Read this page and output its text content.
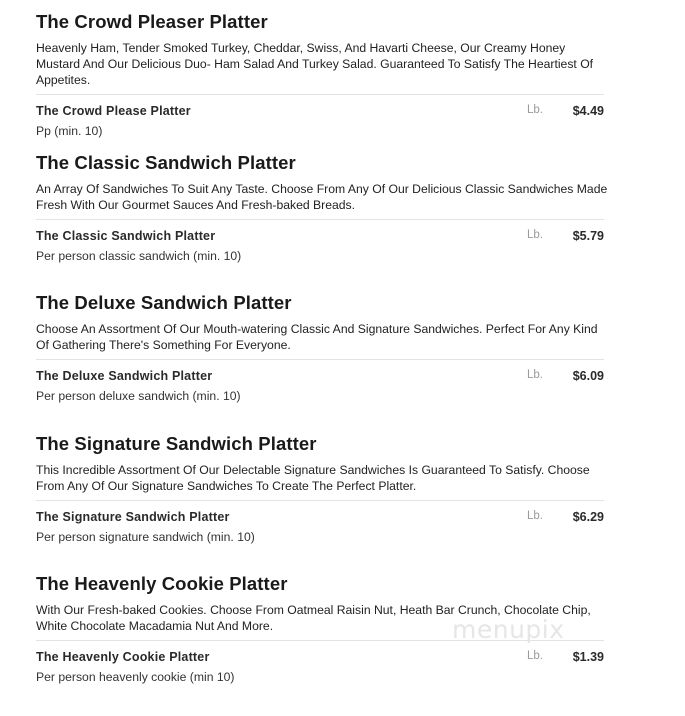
The Crowd Pleaser Platter

Heavenly Ham, Tender Smoked Turkey, Cheddar, Swiss, And Havarti Cheese, Our Creamy Honey Mustard And Our Delicious Duo- Ham Salad And Turkey Salad. Guaranteed To Satisfy The Heartiest Of Appetites.

The Crowd Please Platter	Lb. $4.49
Pp (min. 10)
The Classic Sandwich Platter

An Array Of Sandwiches To Suit Any Taste. Choose From Any Of Our Delicious Classic Sandwiches Made Fresh With Our Gourmet Sauces And Fresh-baked Breads.

The Classic Sandwich Platter	Lb. $5.79
Per person classic sandwich (min. 10)
The Deluxe Sandwich Platter

Choose An Assortment Of Our Mouth-watering Classic And Signature Sandwiches. Perfect For Any Kind Of Gathering There's Something For Everyone.

The Deluxe Sandwich Platter	Lb. $6.09
Per person deluxe sandwich (min. 10)
The Signature Sandwich Platter

This Incredible Assortment Of Our Delectable Signature Sandwiches Is Guaranteed To Satisfy. Choose From Any Of Our Signature Sandwiches To Create The Perfect Platter.

The Signature Sandwich Platter	Lb. $6.29
Per person signature sandwich (min. 10)
The Heavenly Cookie Platter

With Our Fresh-baked Cookies. Choose From Oatmeal Raisin Nut, Heath Bar Crunch, Chocolate Chip, White Chocolate Macadamia Nut And More.

The Heavenly Cookie Platter	Lb. $1.39
Per person heavenly cookie (min 10)
menupix
